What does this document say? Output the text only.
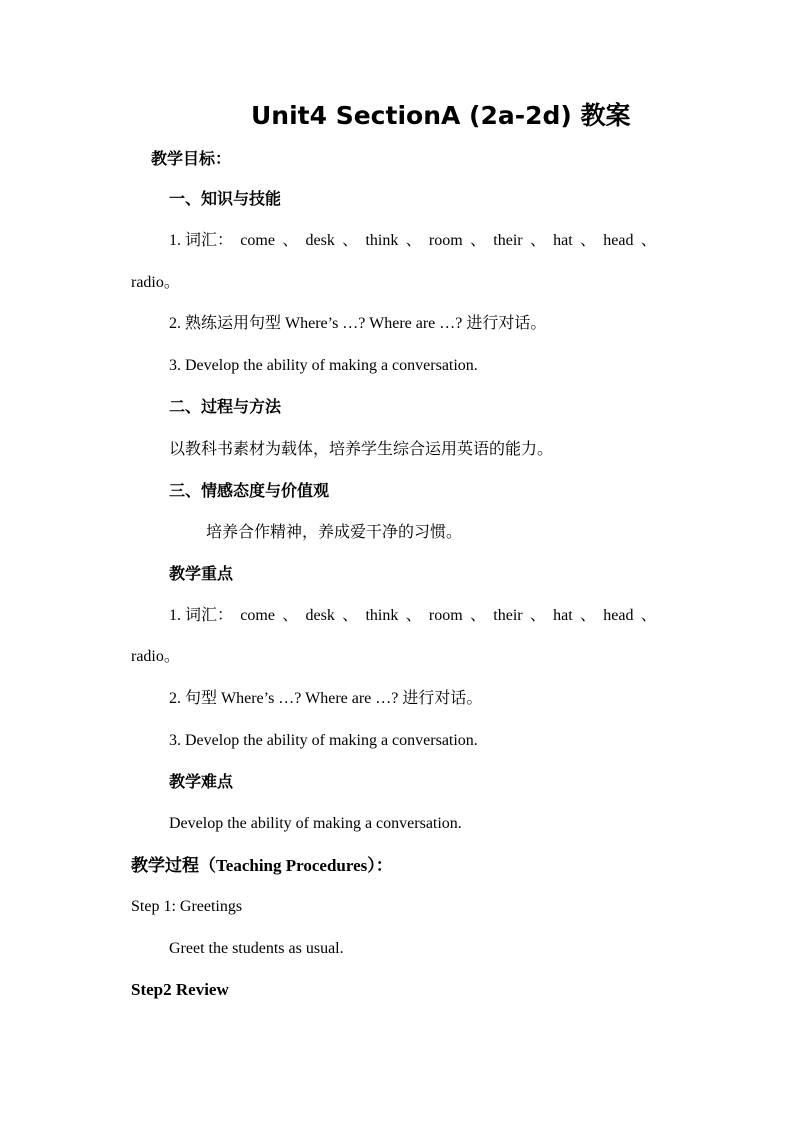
Unit4 SectionA (2a-2d) 教案
教学目标：
一、知识与技能
1. 词汇： come 、 desk 、 think 、 room 、 their 、 hat 、 head 、
radio。
2. 熟练运用句型 Where’s …? Where are …? 进行对话。
3. Develop the ability of making a conversation.
二、过程与方法
以教科书素材为载体，培养学生综合运用英语的能力。
三、情感态度与价值观
培养合作精神，养成爱干净的习惯。
教学重点
1. 词汇： come 、 desk 、 think 、 room 、 their 、 hat 、 head 、
radio。
2. 句型 Where’s …? Where are …? 进行对话。
3. Develop the ability of making a conversation.
教学难点
Develop the ability of making a conversation.
教学过程（Teaching Procedures）：
Step 1: Greetings
Greet the students as usual.
Step2 Review
